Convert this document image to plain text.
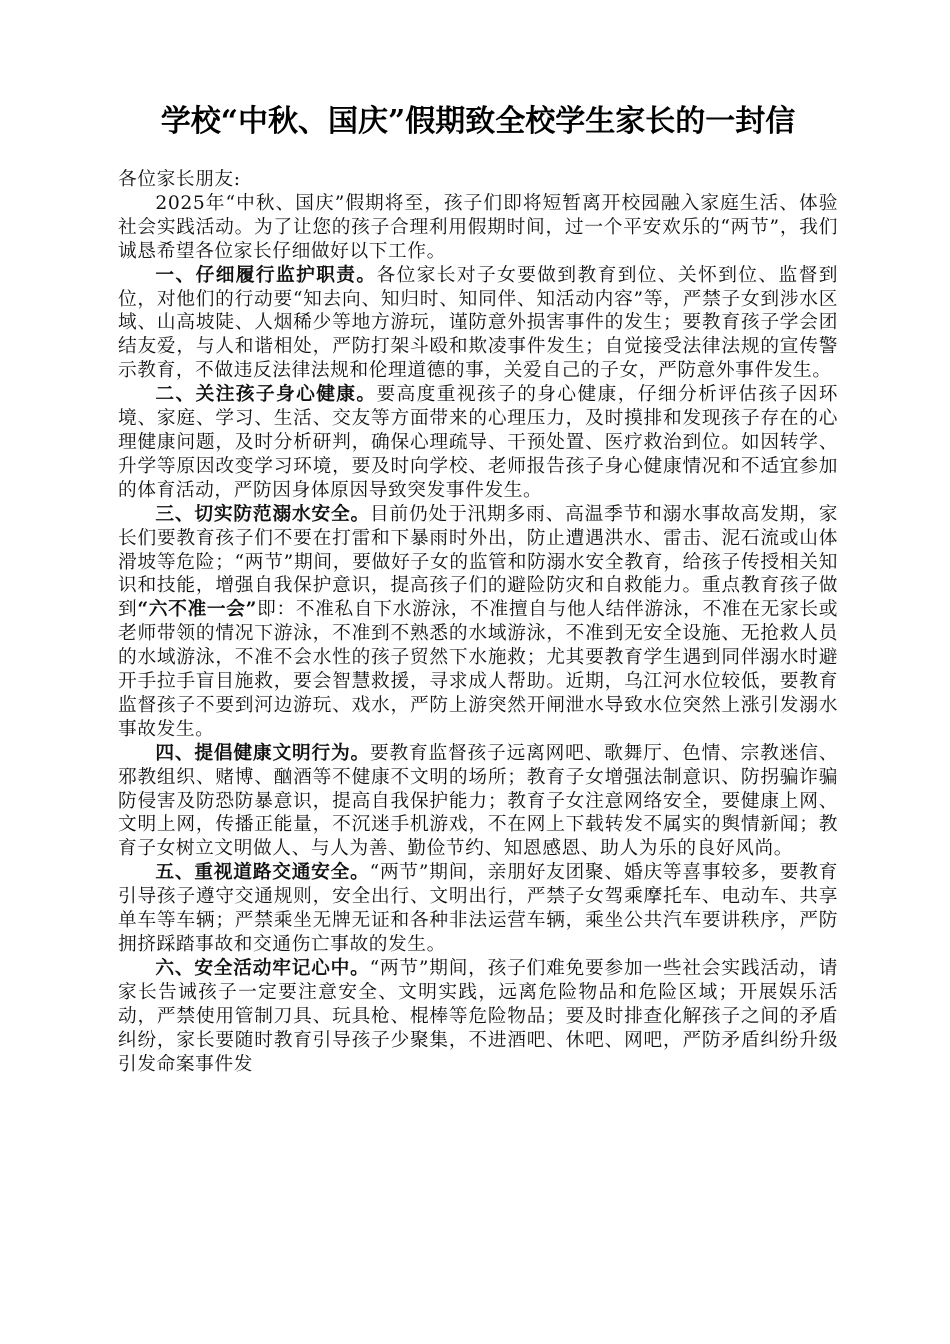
学校“中秋、国庆”假期致全校学生家长的一封信

各位家长朋友:

2025年“中秋、国庆”假期将至，孩子们即将短暂离开校园融入家庭生活、体验社会实践活动。为了让您的孩子合理利用假期时间，过一个平安欢乐的“两节”，我们诚恳希望各位家长仔细做好以下工作。

一、仔细履行监护职责。各位家长对子女要做到教育到位、关怀到位、监督到位，对他们的行动要“知去向、知归时、知同伴、知活动内容”等，严禁子女到涉水区域、山高坡陡、人烟稀少等地方游玩，谨防意外损害事件的发生；要教育孩子学会团结友爱，与人和谐相处，严防打架斗殴和欺凌事件发生；自觉接受法律法规的宣传警示教育，不做违反法律法规和伦理道德的事，关爱自己的子女，严防意外事件发生。

二、关注孩子身心健康。要高度重视孩子的身心健康，仔细分析评估孩子因环境、家庭、学习、生活、交友等方面带来的心理压力，及时摸排和发现孩子存在的心理健康问题，及时分析研判，确保心理疏导、干预处置、医疗救治到位。如因转学、升学等原因改变学习环境，要及时向学校、老师报告孩子身心健康情况和不适宜参加的体育活动，严防因身体原因导致突发事件发生。

三、切实防范溺水安全。目前仍处于汛期多雨、高温季节和溺水事故高发期，家长们要教育孩子们不要在打雷和下暴雨时外出，防止遭遇洪水、雷击、泥石流或山体滑坡等危险；“两节”期间，要做好子女的监管和防溺水安全教育，给孩子传授相关知识和技能，增强自我保护意识，提高孩子们的避险防灾和自救能力。重点教育孩子做到“六不准一会”即：不准私自下水游泳，不准擅自与他人结伴游泳，不准在无家长或老师带领的情况下游泳，不准到不熟悉的水域游泳，不准到无安全设施、无抢救人员的水域游泳，不准不会水性的孩子贸然下水施救；尤其要教育学生遇到同伴溺水时避开手拉手盲目施救，要会智慧救援，寻求成人帮助。近期，乌江河水位较低，要教育监督孩子不要到河边游玩、戏水，严防上游突然开闸泄水导致水位突然上涨引发溺水事故发生。

四、提倡健康文明行为。要教育监督孩子远离网吧、歌舞厅、色情、宗教迷信、邪教组织、赌博、酗酒等不健康不文明的场所；教育子女增强法制意识、防拐骗诈骗防侵害及防恐防暴意识，提高自我保护能力；教育子女注意网络安全，要健康上网、文明上网，传播正能量，不沉迷手机游戏，不在网上下载转发不属实的舆情新闻；教育子女树立文明做人、与人为善、勤俭节约、知恩感恩、助人为乐的良好风尚。

五、重视道路交通安全。“两节”期间，亲朋好友团聚、婚庆等喜事较多，要教育引导孩子遵守交通规则，安全出行、文明出行，严禁子女驾乘摩托车、电动车、共享单车等车辆；严禁乘坐无牌无证和各种非法运营车辆，乘坐公共汽车要讲秩序，严防拥挤踩踏事故和交通伤亡事故的发生。

六、安全活动牢记心中。“两节”期间，孩子们难免要参加一些社会实践活动，请家长告诫孩子一定要注意安全、文明实践，远离危险物品和危险区域；开展娱乐活动，严禁使用管制刀具、玩具枪、棍棒等危险物品；要及时排查化解孩子之间的矛盾纠纷，家长要随时教育引导孩子少聚集，不进酒吧、休吧、网吧，严防矛盾纠纷升级引发命案事件发
